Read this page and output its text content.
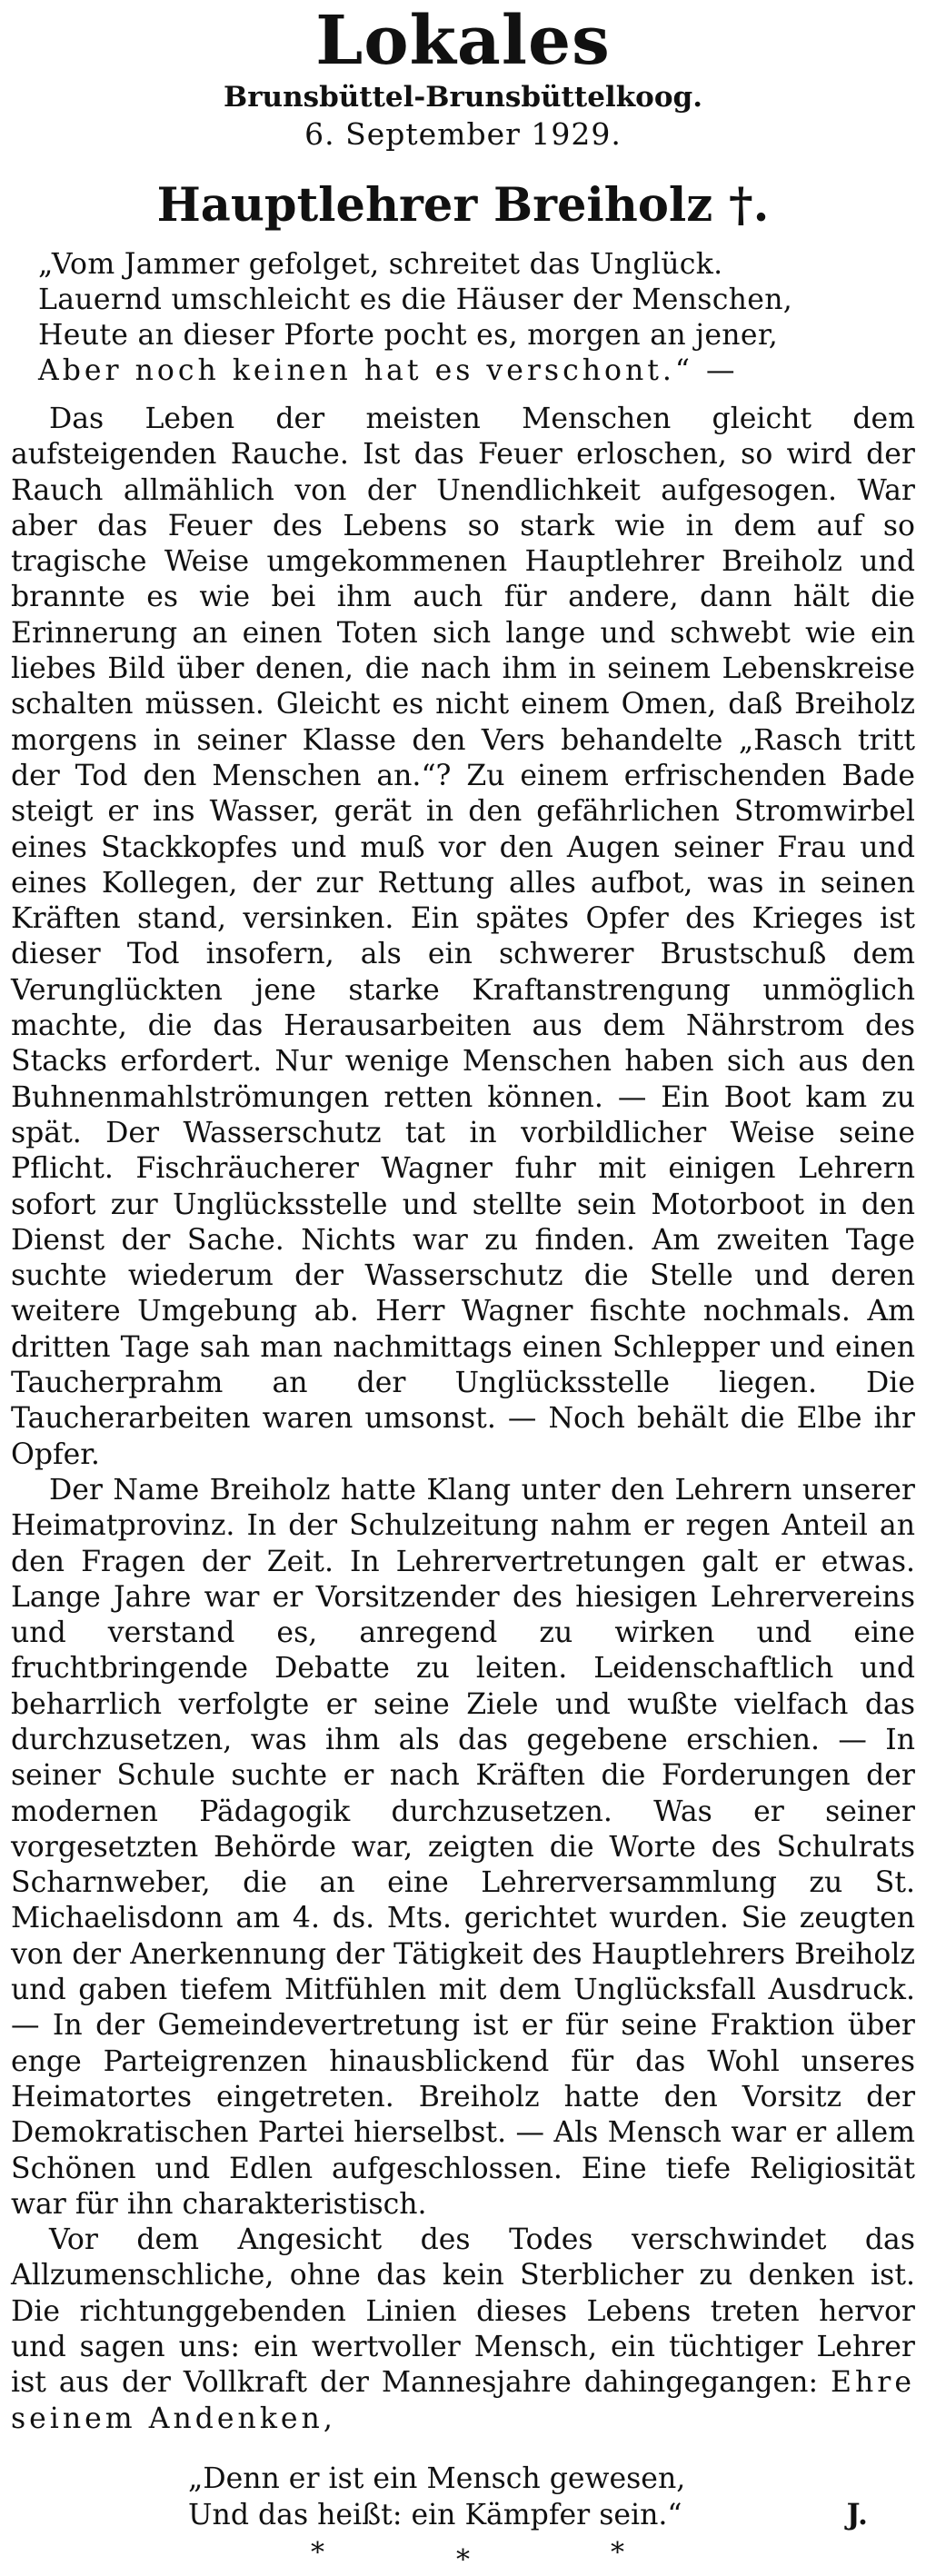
Lokales
Brunsbüttel-Brunsbüttelkoog.
6. September 1929.
Hauptlehrer Breiholz †.
„Vom Jammer gefolget, schreitet das Unglück.
Lauernd umschleicht es die Häuser der Menschen,
Heute an dieser Pforte pocht es, morgen an jener,
Aber noch keinen hat es verschont.“ —
Das Leben der meisten Menschen gleicht dem aufsteigenden Rauche. Ist das Feuer erloschen, so wird der Rauch allmählich von der Unendlichkeit aufgesogen. War aber das Feuer des Lebens so stark wie in dem auf so tragische Weise umgekommenen Hauptlehrer Breiholz und brannte es wie bei ihm auch für andere, dann hält die Erinnerung an einen Toten sich lange und schwebt wie ein liebes Bild über denen, die nach ihm in seinem Lebenskreise schalten müssen. Gleicht es nicht einem Omen, daß Breiholz morgens in seiner Klasse den Vers behandelte „Rasch tritt der Tod den Menschen an.“? Zu einem erfrischenden Bade steigt er ins Wasser, gerät in den gefährlichen Stromwirbel eines Stackkopfes und muß vor den Augen seiner Frau und eines Kollegen, der zur Rettung alles aufbot, was in seinen Kräften stand, versinken. Ein spätes Opfer des Krieges ist dieser Tod insofern, als ein schwerer Brustschuß dem Verunglückten jene starke Kraftanstrengung unmöglich machte, die das Herausarbeiten aus dem Nährstrom des Stacks erfordert. Nur wenige Menschen haben sich aus den Buhnenmahlströmungen retten können. — Ein Boot kam zu spät. Der Wasserschutz tat in vorbildlicher Weise seine Pflicht. Fischräucherer Wagner fuhr mit einigen Lehrern sofort zur Unglücksstelle und stellte sein Motorboot in den Dienst der Sache. Nichts war zu finden. Am zweiten Tage suchte wiederum der Wasserschutz die Stelle und deren weitere Umgebung ab. Herr Wagner fischte nochmals. Am dritten Tage sah man nachmittags einen Schlepper und einen Taucherprahm an der Unglücksstelle liegen. Die Taucherarbeiten waren umsonst. — Noch behält die Elbe ihr Opfer.
Der Name Breiholz hatte Klang unter den Lehrern unserer Heimatprovinz. In der Schulzeitung nahm er regen Anteil an den Fragen der Zeit. In Lehrervertretungen galt er etwas. Lange Jahre war er Vorsitzender des hiesigen Lehrervereins und verstand es, anregend zu wirken und eine fruchtbringende Debatte zu leiten. Leidenschaftlich und beharrlich verfolgte er seine Ziele und wußte vielfach das durchzusetzen, was ihm als das gegebene erschien. — In seiner Schule suchte er nach Kräften die Forderungen der modernen Pädagogik durchzusetzen. Was er seiner vorgesetzten Behörde war, zeigten die Worte des Schulrats Scharnweber, die an eine Lehrerversammlung zu St. Michaelisdonn am 4. ds. Mts. gerichtet wurden. Sie zeugten von der Anerkennung der Tätigkeit des Hauptlehrers Breiholz und gaben tiefem Mitfühlen mit dem Unglücksfall Ausdruck. — In der Gemeindevertretung ist er für seine Fraktion über enge Parteigrenzen hinausblickend für das Wohl unseres Heimatortes eingetreten. Breiholz hatte den Vorsitz der Demokratischen Partei hierselbst. — Als Mensch war er allem Schönen und Edlen aufgeschlossen. Eine tiefe Religiosität war für ihn charakteristisch.
Vor dem Angesicht des Todes verschwindet das Allzumenschliche, ohne das kein Sterblicher zu denken ist. Die richtunggebenden Linien dieses Lebens treten hervor und sagen uns: ein wertvoller Mensch, ein tüchtiger Lehrer ist aus der Vollkraft der Mannesjahre dahingegangen: Ehre seinem Andenken,
„Denn er ist ein Mensch gewesen,
Und das heißt: ein Kämpfer sein.“	J.
*	*	*
